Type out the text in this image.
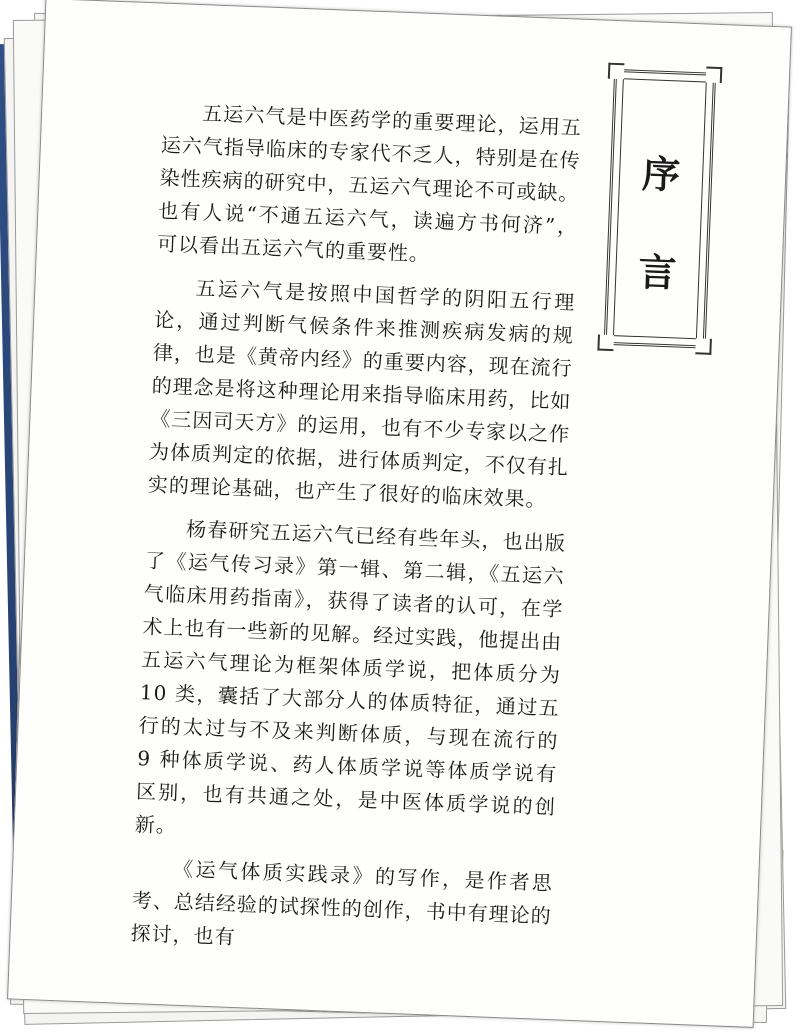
五运六气是中医药学的重要理论，运用五运六气指导临床的专家代不乏人，特别是在传染性疾病的研究中，五运六气理论不可或缺。也有人说“不通五运六气，读遍方书何济”，可以看出五运六气的重要性。

五运六气是按照中国哲学的阴阳五行理论，通过判断气候条件来推测疾病发病的规律，也是《黄帝内经》的重要内容，现在流行的理念是将这种理论用来指导临床用药，比如《三因司天方》的运用，也有不少专家以之作为体质判定的依据，进行体质判定，不仅有扎实的理论基础，也产生了很好的临床效果。

杨春研究五运六气已经有些年头，也出版了《运气传习录》第一辑、第二辑，《五运六气临床用药指南》，获得了读者的认可，在学术上也有一些新的见解。经过实践，他提出由五运六气理论为框架体质学说，把体质分为 10 类，囊括了大部分人的体质特征，通过五行的太过与不及来判断体质，与现在流行的 9 种体质学说、药人体质学说等体质学说有区别，也有共通之处，是中医体质学说的创新。

《运气体质实践录》的写作，是作者思考、总结经验的试探性的创作，书中有理论的探讨，也有

序
言
